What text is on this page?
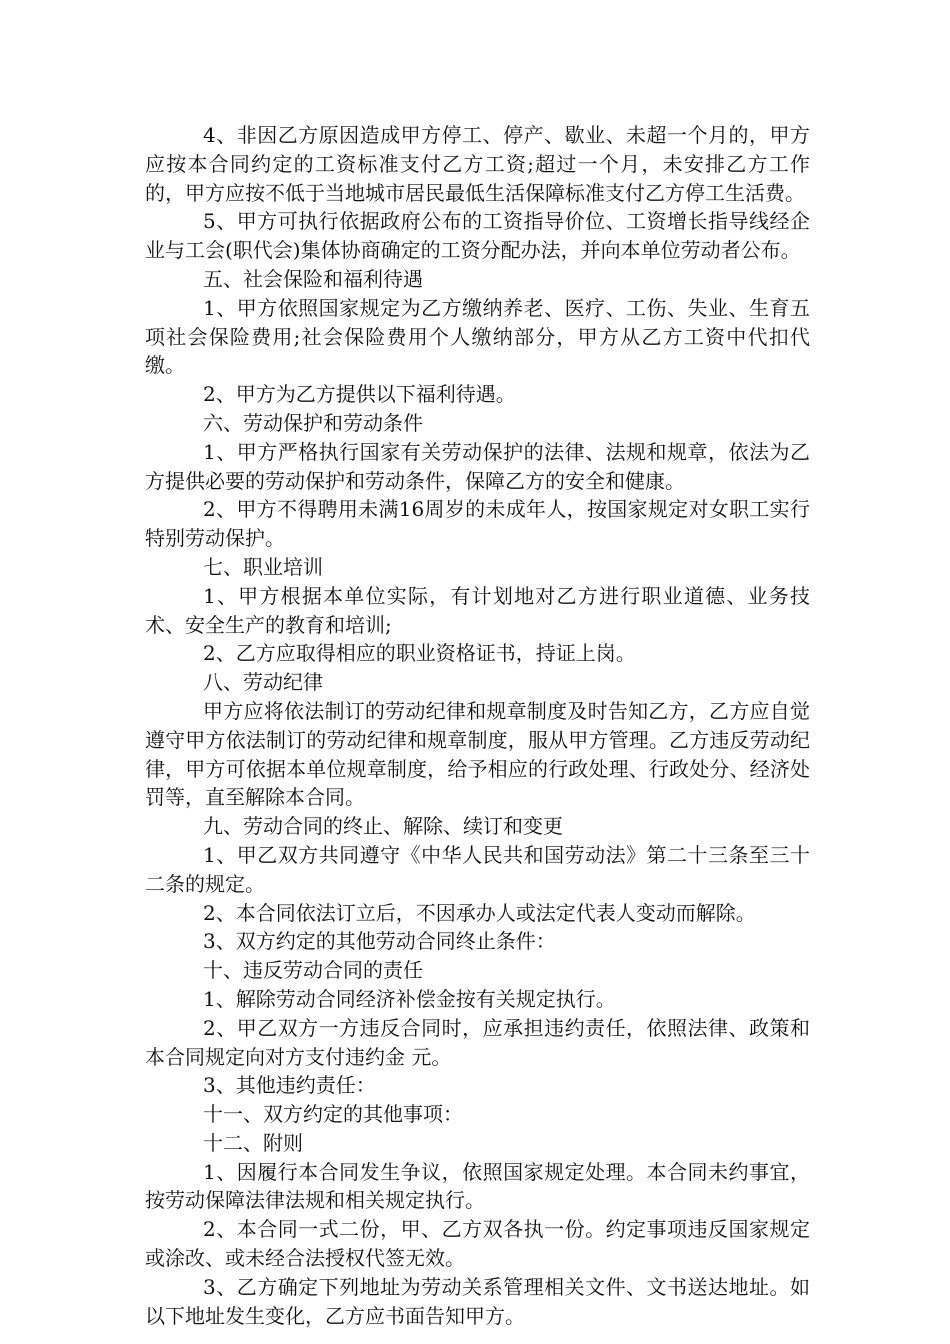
4、非因乙方原因造成甲方停工、停产、歇业、未超一个月的，甲方应按本合同约定的工资标准支付乙方工资;超过一个月，未安排乙方工作的，甲方应按不低于当地城市居民最低生活保障标准支付乙方停工生活费。

5、甲方可执行依据政府公布的工资指导价位、工资增长指导线经企业与工会(职代会)集体协商确定的工资分配办法，并向本单位劳动者公布。

五、社会保险和福利待遇

1、甲方依照国家规定为乙方缴纳养老、医疗、工伤、失业、生育五项社会保险费用;社会保险费用个人缴纳部分，甲方从乙方工资中代扣代缴。

2、甲方为乙方提供以下福利待遇。

六、劳动保护和劳动条件

1、甲方严格执行国家有关劳动保护的法律、法规和规章，依法为乙方提供必要的劳动保护和劳动条件，保障乙方的安全和健康。

2、甲方不得聘用未满16周岁的未成年人，按国家规定对女职工实行特别劳动保护。

七、职业培训

1、甲方根据本单位实际，有计划地对乙方进行职业道德、业务技术、安全生产的教育和培训;

2、乙方应取得相应的职业资格证书，持证上岗。

八、劳动纪律

甲方应将依法制订的劳动纪律和规章制度及时告知乙方，乙方应自觉遵守甲方依法制订的劳动纪律和规章制度，服从甲方管理。乙方违反劳动纪律，甲方可依据本单位规章制度，给予相应的行政处理、行政处分、经济处罚等，直至解除本合同。

九、劳动合同的终止、解除、续订和变更

1、甲乙双方共同遵守《中华人民共和国劳动法》第二十三条至三十二条的规定。

2、本合同依法订立后，不因承办人或法定代表人变动而解除。

3、双方约定的其他劳动合同终止条件：

十、违反劳动合同的责任

1、解除劳动合同经济补偿金按有关规定执行。

2、甲乙双方一方违反合同时，应承担违约责任，依照法律、政策和本合同规定向对方支付违约金 元。

3、其他违约责任：

十一、双方约定的其他事项：

十二、附则

1、因履行本合同发生争议，依照国家规定处理。本合同未约事宜，按劳动保障法律法规和相关规定执行。

2、本合同一式二份，甲、乙方双各执一份。约定事项违反国家规定或涂改、或未经合法授权代签无效。

3、乙方确定下列地址为劳动关系管理相关文件、文书送达地址。如以下地址发生变化，乙方应书面告知甲方。
